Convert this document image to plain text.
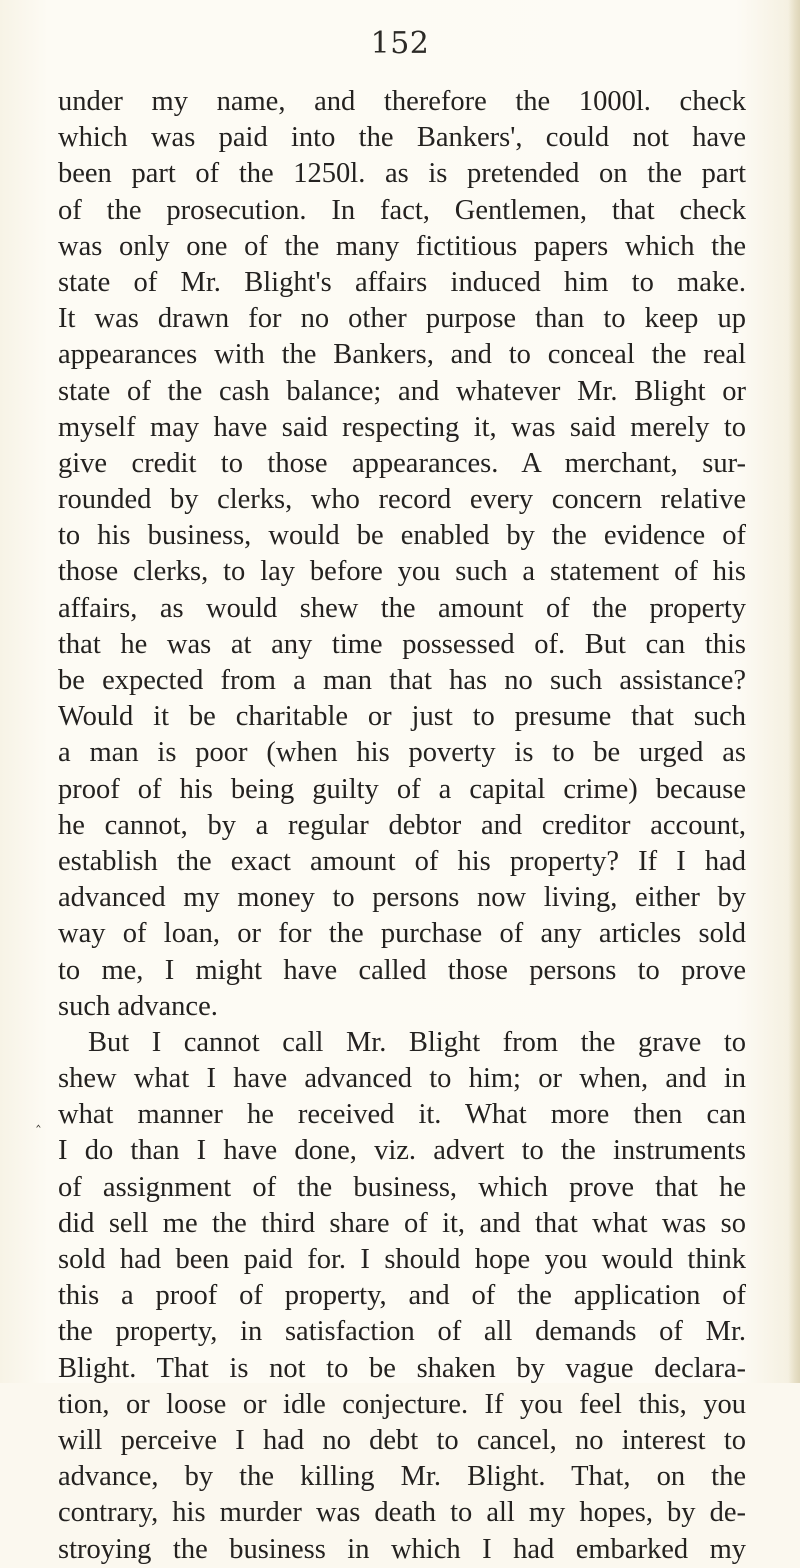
152
‸
under my name, and therefore the 1000l. check
which was paid into the Bankers', could not have
been part of the 1250l. as is pretended on the part
of the prosecution. In fact, Gentlemen, that check
was only one of the many fictitious papers which the
state of Mr. Blight's affairs induced him to make.
It was drawn for no other purpose than to keep up
appearances with the Bankers, and to conceal the real
state of the cash balance; and whatever Mr. Blight or
myself may have said respecting it, was said merely to
give credit to those appearances. A merchant, sur-
rounded by clerks, who record every concern relative
to his business, would be enabled by the evidence of
those clerks, to lay before you such a statement of his
affairs, as would shew the amount of the property
that he was at any time possessed of. But can this
be expected from a man that has no such assistance?
Would it be charitable or just to presume that such
a man is poor (when his poverty is to be urged as
proof of his being guilty of a capital crime) because
he cannot, by a regular debtor and creditor account,
establish the exact amount of his property? If I had
advanced my money to persons now living, either by
way of loan, or for the purchase of any articles sold
to me, I might have called those persons to prove
such advance.
But I cannot call Mr. Blight from the grave to
shew what I have advanced to him; or when, and in
what manner he received it. What more then can
I do than I have done, viz. advert to the instruments
of assignment of the business, which prove that he
did sell me the third share of it, and that what was so
sold had been paid for. I should hope you would think
this a proof of property, and of the application of
the property, in satisfaction of all demands of Mr.
Blight. That is not to be shaken by vague declara-
tion, or loose or idle conjecture. If you feel this, you
will perceive I had no debt to cancel, no interest to
advance, by the killing Mr. Blight. That, on the
contrary, his murder was death to all my hopes, by de-
stroying the business in which I had embarked my
